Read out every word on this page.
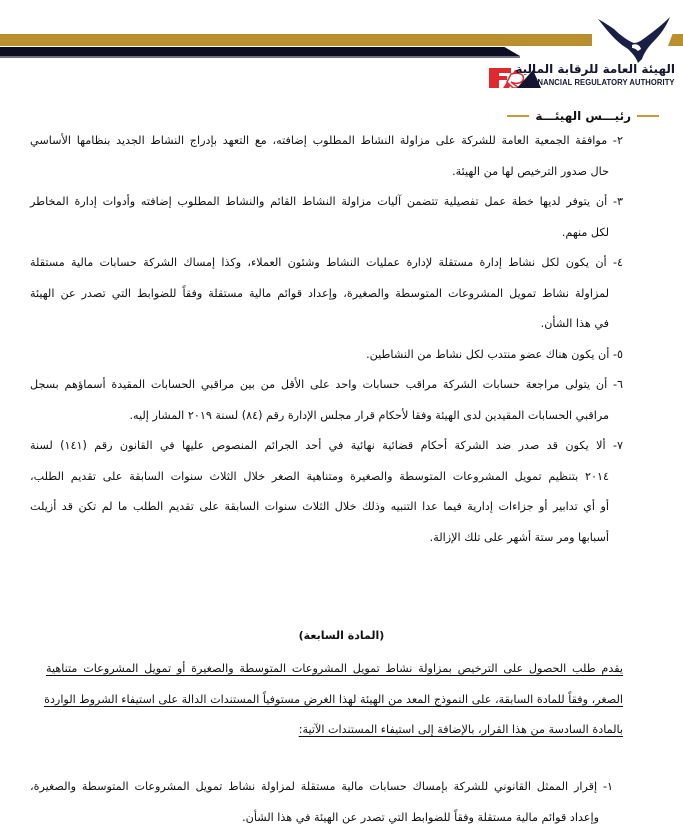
الهيئة العامة للرقابة المالية
FINANCIAL REGULATORY AUTHORITY
رئيـــس الهيئـــة
٢- موافقة الجمعية العامة للشركة على مزاولة النشاط المطلوب إضافته، مع التعهد بإدراج النشاط الجديد بنظامها الأساسي
حال صدور الترخيص لها من الهيئة.
٣- أن يتوفر لديها خطة عمل تفصيلية تتضمن آليات مزاولة النشاط القائم والنشاط المطلوب إضافته وأدوات إدارة المخاطر
لكل منهم.
٤- أن يكون لكل نشاط إدارة مستقلة لإدارة عمليات النشاط وشئون العملاء، وكذا إمساك الشركة حسابات مالية مستقلة
لمزاولة نشاط تمويل المشروعات المتوسطة والصغيرة، وإعداد قوائم مالية مستقلة وفقاً للضوابط التي تصدر عن الهيئة
في هذا الشأن.
٥- أن يكون هناك عضو منتدب لكل نشاط من النشاطين.
٦- أن يتولى مراجعة حسابات الشركة مراقب حسابات واحد على الأقل من بين مراقبي الحسابات المقيدة أسماؤهم بسجل
مراقبي الحسابات المقيدين لدى الهيئة وفقا لأحكام قرار مجلس الإدارة رقم (٨٤) لسنة ٢٠١٩ المشار إليه.
٧- ألا يكون قد صدر ضد الشركة أحكام قضائية نهائية في أحد الجرائم المنصوص عليها في القانون رقم (١٤١) لسنة
٢٠١٤ بتنظيم تمويل المشروعات المتوسطة والصغيرة ومتناهية الصغر خلال الثلاث سنوات السابقة على تقديم الطلب،
أو أي تدابير أو جزاءات إدارية فيما عدا التنبيه وذلك خلال الثلاث سنوات السابقة على تقديم الطلب ما لم تكن قد أزيلت
أسبابها ومر ستة أشهر على تلك الإزالة.
(المادة السابعة)
يقدم طلب الحصول على الترخيص بمزاولة نشاط تمويل المشروعات المتوسطة والصغيرة أو تمويل المشروعات متناهية
الصغر، وفقاً للمادة السابقة، على النموذج المعد من الهيئة لهذا الغرض مستوفياً المستندات الدالة على استيفاء الشروط الواردة
بالمادة السادسة من هذا القرار، بالإضافة إلى استيفاء المستندات الآتية:
١- إقرار الممثل القانوني للشركة بإمساك حسابات مالية مستقلة لمزاولة نشاط تمويل المشروعات المتوسطة والصغيرة،
وإعداد قوائم مالية مستقلة وفقاً للضوابط التي تصدر عن الهيئة في هذا الشأن.
